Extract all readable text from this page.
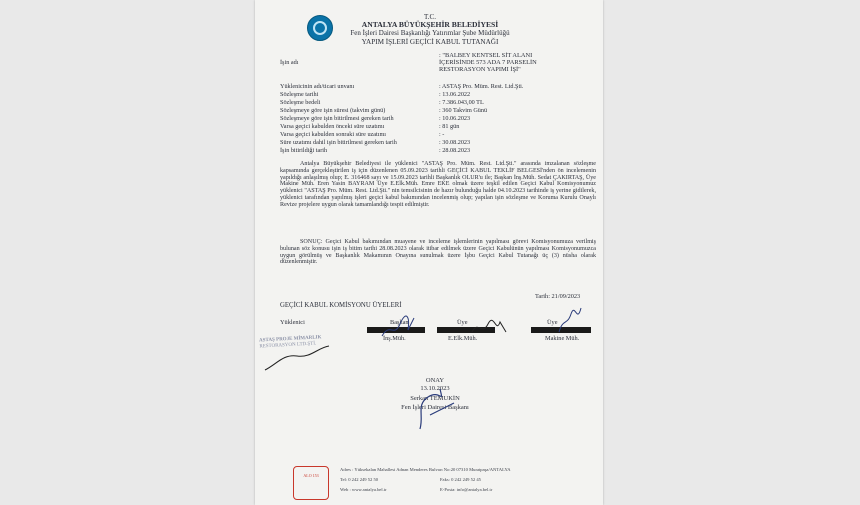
T.C.
ANTALYA BÜYÜKŞEHİR BELEDİYESİ
Fen İşleri Dairesi Başkanlığı Yatırımlar Şube Müdürlüğü
YAPIM İŞLERİ GEÇİCİ KABUL TUTANAĞI
İşin adı
: "BALBEY KENTSEL SİT ALANI İÇERİSİNDE 573 ADA 7 PARSELİN RESTORASYON YAPIMI İŞİ"
Yüklenicinin adı/ticari unvanı	: ASTAŞ Pro. Müm. Rest. Ltd.Şti.
Sözleşme tarihi	: 13.06.2022
Sözleşme bedeli	: 7.386.043,00 TL
Sözleşmeye göre işin süresi (takvim günü)	: 360 Takvim Günü
Sözleşmeye göre işin bitirilmesi gereken tarih	: 10.06.2023
Varsa geçici kabulden önceki süre uzatımı	: 81 gün
Varsa geçici kabulden sonraki süre uzatımı	: -
Süre uzatımı dahil işin bitirilmesi gereken tarih	: 30.08.2023
İşin bitirildiği tarih	: 28.08.2023
Antalya Büyükşehir Belediyesi ile yüklenici "ASTAŞ Pro. Müm. Rest. Ltd.Şti." arasında imzalanan sözleşme kapsamında gerçekleştirilen iş için düzenlenen 05.09.2023 tarihli GEÇİCİ KABUL TEKLİF BELGESİ'nden ön incelemenin yapıldığı anlaşılmış olup; E. 316468 sayı ve 15.09.2023 tarihli Başkanlık OLUR'u ile; Başkan İnş.Müh. Sedat ÇAKIRTAŞ, Üye Makine Müh. Eren Yasin BAYRAM Üye E.Elk.Müh. Emre EKE olmak üzere teşkil edilen Geçici Kabul Komisyonumuz yüklenici "ASTAŞ Pro. Müm. Rest. Ltd.Şti." nin temsilcisinin de hazır bulunduğu halde 04.10.2023 tarihinde iş yerine gidilerek, yüklenici tarafından yapılmış işleri geçici kabul bakımından incelenmiş olup; yapılan işin sözleşme ve Koruma Kurulu Onaylı Revize projelere uygun olarak tamamlandığı tespit edilmiştir.
SONUÇ: Geçici Kabul bakımından muayene ve inceleme işlemlerinin yapılması görevi Komisyonumuza verilmiş bulunan söz konusu işin iş bitim tarihi 28.08.2023 olarak itibar edilmek üzere Geçici Kabulünün yapılması Komisyonumuzca uygun görülmüş ve Başkanlık Makamının Onayına sunulmak üzere İşbu Geçici Kabul Tutanağı üç (3) nüsha olarak düzenlenmiştir.
Tarih: 21/09/2023
GEÇİCİ KABUL KOMİSYONU ÜYELERİ
Yüklenici	Başkan	Üye	Üye
İnş.Müh.	E.Elk.Müh.	Makine Müh.
ASTAŞ PROJE MİMARLIK
RESTORASYON LTD.ŞTİ.
ONAY
13.10.2023
Serkan TEMUKİN
Fen İşleri Dairesi Başkanı
ALO 153
Adres : Yüksekalan Mahallesi Adnan Menderes Bulvarı No:20 07310 Muratpaşa/ANTALYA
Tel: 0 242 249 52 50	Faks: 0 242 249 52 45
Web : www.antalya.bel.tr	E-Posta: info@antalya.bel.tr
